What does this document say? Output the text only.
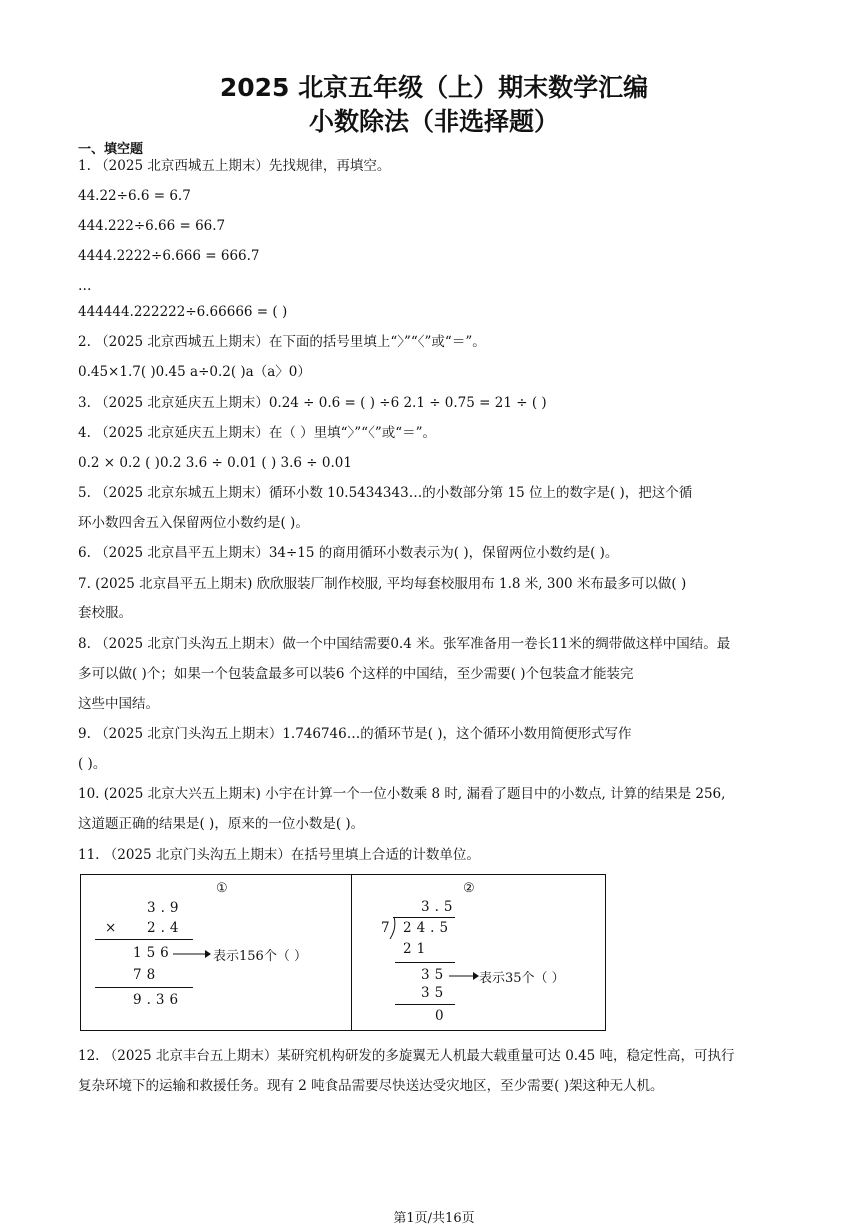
2025 北京五年级（上）期末数学汇编
小数除法（非选择题）
一、填空题
1. （2025 北京西城五上期末）先找规律，再填空。
44.22÷6.6 = 6.7
444.222÷6.66 = 66.7
4444.2222÷6.666 = 666.7
…
444444.222222÷6.66666 = ( )
2. （2025 北京西城五上期末）在下面的括号里填上“〉”“〈”或“＝”。
0.45×1.7( )0.45 a÷0.2( )a（a〉0）
3. （2025 北京延庆五上期末）0.24 ÷ 0.6 = ( ) ÷6 2.1 ÷ 0.75 = 21 ÷ ( )
4. （2025 北京延庆五上期末）在（ ）里填“〉”“〈”或“＝”。
0.2 × 0.2 ( )0.2 3.6 ÷ 0.01 ( ) 3.6 ÷ 0.01
5. （2025 北京东城五上期末）循环小数 10.5434343…的小数部分第 15 位上的数字是( )，把这个循
环小数四舍五入保留两位小数约是( )。
6. （2025 北京昌平五上期末）34÷15 的商用循环小数表示为( )，保留两位小数约是( )。
7. (2025 北京昌平五上期末) 欣欣服装厂制作校服, 平均每套校服用布 1.8 米, 300 米布最多可以做( )
套校服。
8. （2025 北京门头沟五上期末）做一个中国结需要0.4 米。张军准备用一卷长11米的绸带做这样中国结。最
多可以做( )个；如果一个包装盒最多可以装6 个这样的中国结，至少需要( )个包装盒才能装完
这些中国结。
9. （2025 北京门头沟五上期末）1.746746…的循环节是( )，这个循环小数用简便形式写作
( )。
10. (2025 北京大兴五上期末) 小宇在计算一个一位小数乘 8 时, 漏看了题目中的小数点, 计算的结果是 256,
这道题正确的结果是( )，原来的一位小数是( )。
11. （2025 北京门头沟五上期末）在括号里填上合适的计数单位。
①
3.9
× 2.4
156	表示156个（ ）
78
9.36
②
3.5
7 24.5
21
35 表示35个（ ）
35
0
12. （2025 北京丰台五上期末）某研究机构研发的多旋翼无人机最大载重量可达 0.45 吨，稳定性高，可执行
复杂环境下的运输和救援任务。现有 2 吨食品需要尽快送达受灾地区，至少需要( )架这种无人机。
第1页/共16页
